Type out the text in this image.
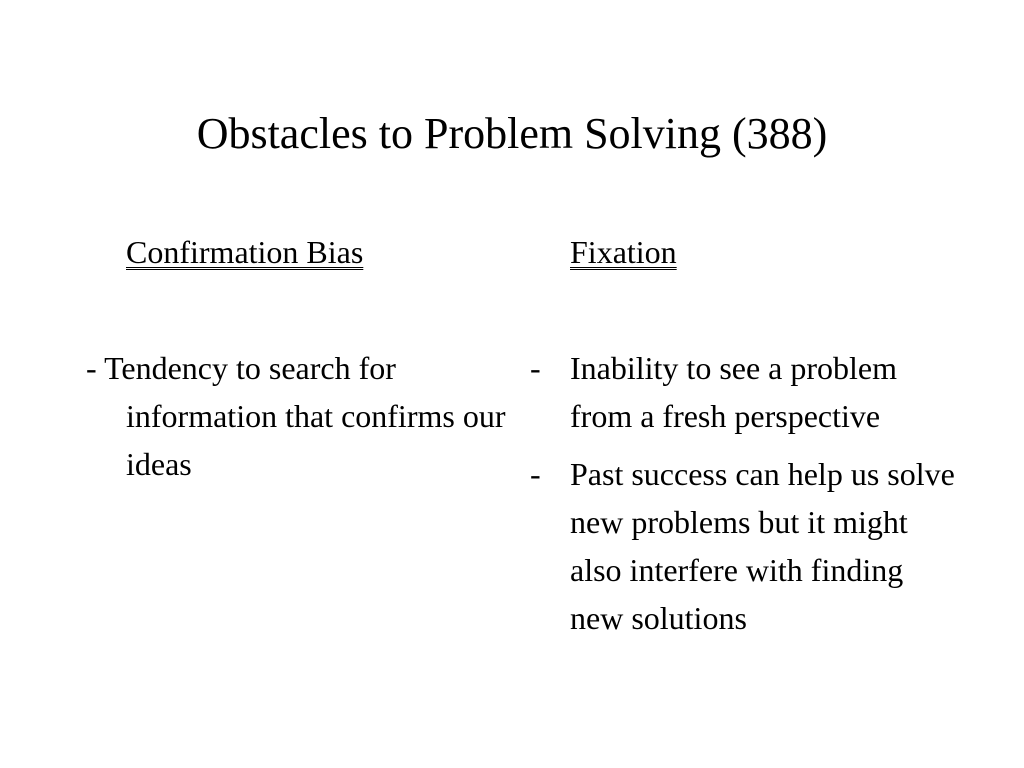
Obstacles to Problem Solving (388)
Confirmation Bias	Fixation
- Tendency to search for information that confirms our ideas
- Inability to see a problem from a fresh perspective
- Past success can help us solve new problems but it might also interfere with finding new solutions
